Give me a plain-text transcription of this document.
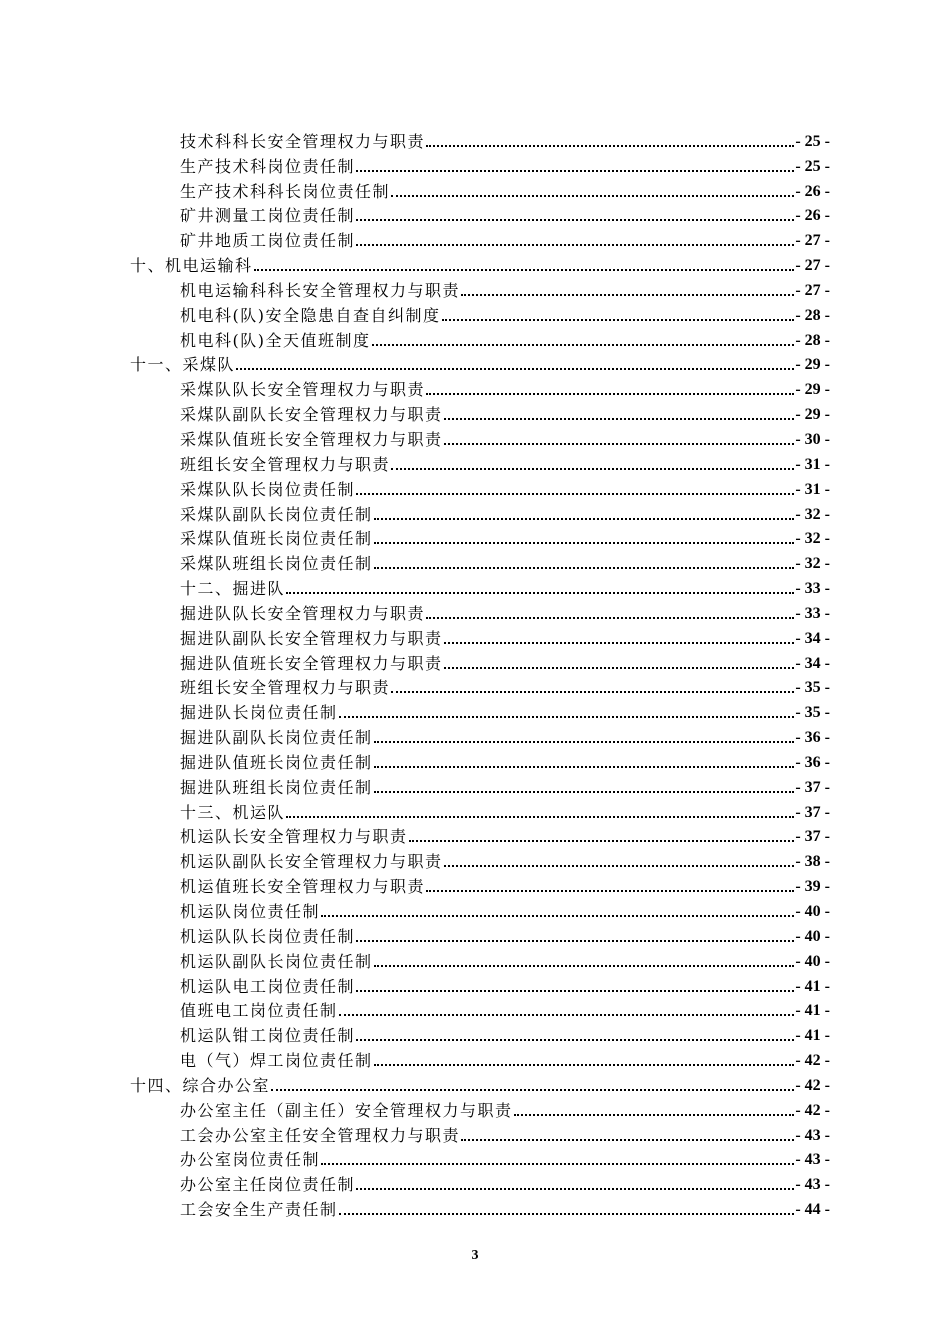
技术科科长安全管理权力与职责	- 25 -
生产技术科岗位责任制	- 25 -
生产技术科科长岗位责任制	- 26 -
矿井测量工岗位责任制	- 26 -
矿井地质工岗位责任制	- 27 -
十、机电运输科	- 27 -
机电运输科科长安全管理权力与职责	- 27 -
机电科(队)安全隐患自查自纠制度	- 28 -
机电科(队)全天值班制度	- 28 -
十一、采煤队	- 29 -
采煤队队长安全管理权力与职责	- 29 -
采煤队副队长安全管理权力与职责	- 29 -
采煤队值班长安全管理权力与职责	- 30 -
班组长安全管理权力与职责	- 31 -
采煤队队长岗位责任制	- 31 -
采煤队副队长岗位责任制	- 32 -
采煤队值班长岗位责任制	- 32 -
采煤队班组长岗位责任制	- 32 -
十二、掘进队	- 33 -
掘进队队长安全管理权力与职责	- 33 -
掘进队副队长安全管理权力与职责	- 34 -
掘进队值班长安全管理权力与职责	- 34 -
班组长安全管理权力与职责	- 35 -
掘进队长岗位责任制	- 35 -
掘进队副队长岗位责任制	- 36 -
掘进队值班长岗位责任制	- 36 -
掘进队班组长岗位责任制	- 37 -
十三、机运队	- 37 -
机运队长安全管理权力与职责	- 37 -
机运队副队长安全管理权力与职责	- 38 -
机运值班长安全管理权力与职责	- 39 -
机运队岗位责任制	- 40 -
机运队队长岗位责任制	- 40 -
机运队副队长岗位责任制	- 40 -
机运队电工岗位责任制	- 41 -
值班电工岗位责任制	- 41 -
机运队钳工岗位责任制	- 41 -
电（气）焊工岗位责任制	- 42 -
十四、综合办公室	- 42 -
办公室主任（副主任）安全管理权力与职责	- 42 -
工会办公室主任安全管理权力与职责	- 43 -
办公室岗位责任制	- 43 -
办公室主任岗位责任制	- 43 -
工会安全生产责任制	- 44 -
3
